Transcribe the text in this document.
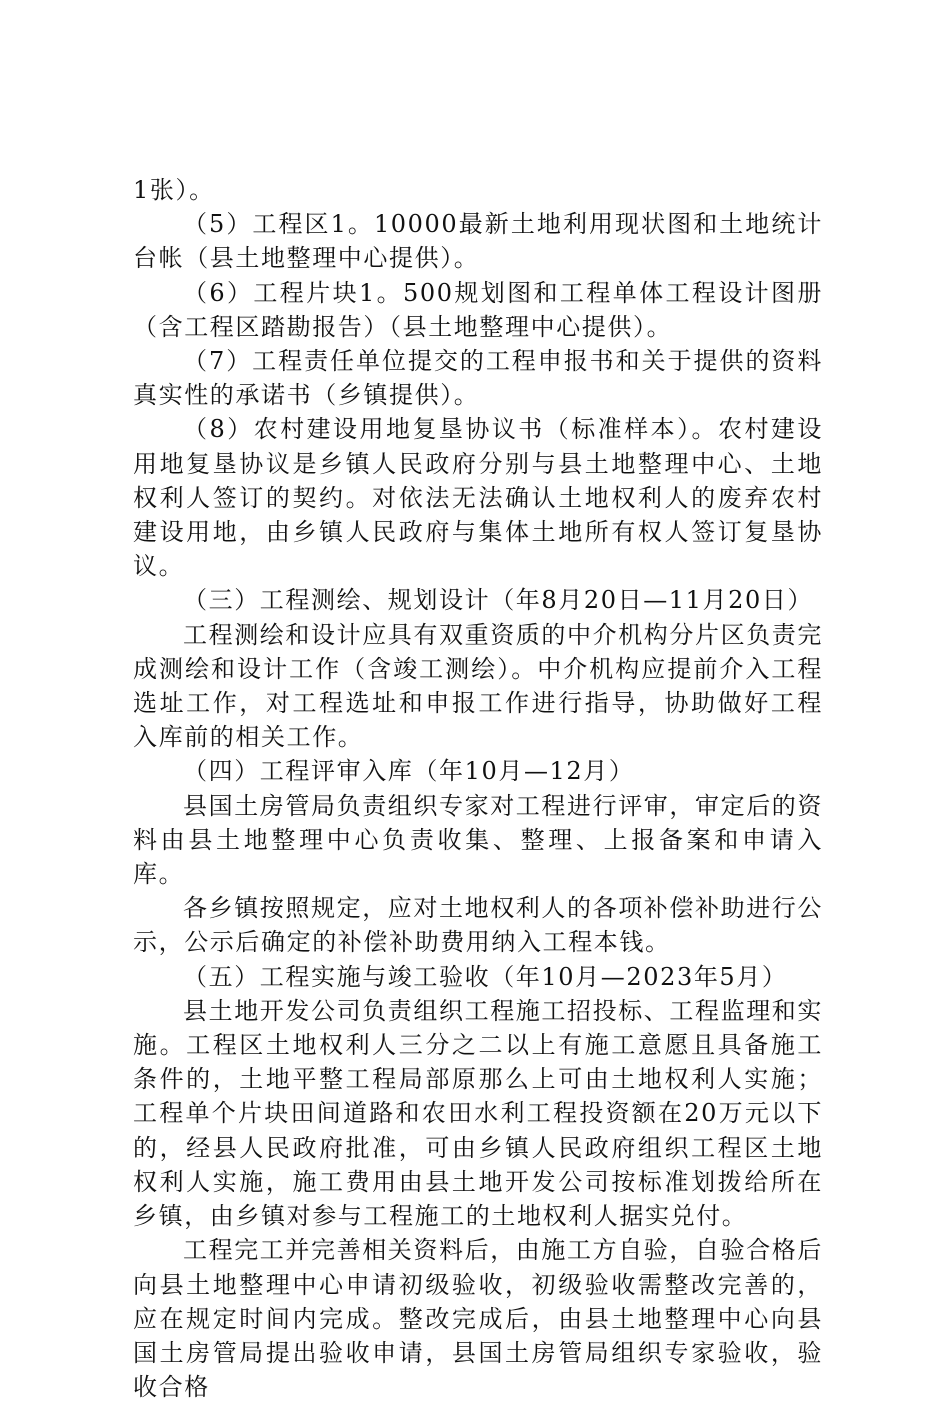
1张）。

（5）工程区1。10000最新土地利用现状图和土地统计台帐（县土地整理中心提供）。

（6）工程片块1。500规划图和工程单体工程设计图册（含工程区踏勘报告）（县土地整理中心提供）。

（7）工程责任单位提交的工程申报书和关于提供的资料真实性的承诺书（乡镇提供）。

（8）农村建设用地复垦协议书（标准样本）。农村建设用地复垦协议是乡镇人民政府分别与县土地整理中心、土地权利人签订的契约。对依法无法确认土地权利人的废弃农村建设用地，由乡镇人民政府与集体土地所有权人签订复垦协议。

（三）工程测绘、规划设计（年8月20日—11月20日）

工程测绘和设计应具有双重资质的中介机构分片区负责完成测绘和设计工作（含竣工测绘）。中介机构应提前介入工程选址工作，对工程选址和申报工作进行指导，协助做好工程入库前的相关工作。

（四）工程评审入库（年10月—12月）

县国土房管局负责组织专家对工程进行评审，审定后的资料由县土地整理中心负责收集、整理、上报备案和申请入库。

各乡镇按照规定，应对土地权利人的各项补偿补助进行公示，公示后确定的补偿补助费用纳入工程本钱。

（五）工程实施与竣工验收（年10月—2023年5月）

县土地开发公司负责组织工程施工招投标、工程监理和实施。工程区土地权利人三分之二以上有施工意愿且具备施工条件的，土地平整工程局部原那么上可由土地权利人实施；工程单个片块田间道路和农田水利工程投资额在20万元以下的，经县人民政府批准，可由乡镇人民政府组织工程区土地权利人实施，施工费用由县土地开发公司按标准划拨给所在乡镇，由乡镇对参与工程施工的土地权利人据实兑付。

工程完工并完善相关资料后，由施工方自验，自验合格后向县土地整理中心申请初级验收，初级验收需整改完善的，应在规定时间内完成。整改完成后，由县土地整理中心向县国土房管局提出验收申请，县国土房管局组织专家验收，验收合格
